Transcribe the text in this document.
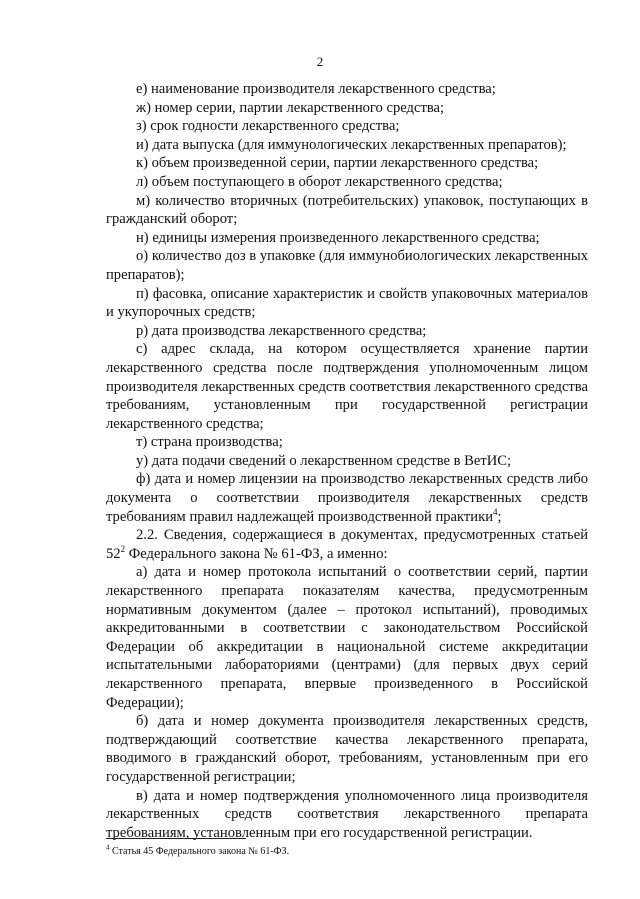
2

е) наименование производителя лекарственного средства;

ж) номер серии, партии лекарственного средства;

з) срок годности лекарственного средства;

и) дата выпуска (для иммунологических лекарственных препаратов);

к) объем произведенной серии, партии лекарственного средства;

л) объем поступающего в оборот лекарственного средства;

м) количество вторичных (потребительских) упаковок, поступающих в гражданский оборот;

н) единицы измерения произведенного лекарственного средства;

о) количество доз в упаковке (для иммунобиологических лекарственных препаратов);

п) фасовка, описание характеристик и свойств упаковочных материалов и укупорочных средств;

р) дата производства лекарственного средства;

с) адрес склада, на котором осуществляется хранение партии лекарственного средства после подтверждения уполномоченным лицом производителя лекарственных средств соответствия лекарственного средства требованиям, установленным при государственной регистрации лекарственного средства;

т) страна производства;

у) дата подачи сведений о лекарственном средстве в ВетИС;

ф) дата и номер лицензии на производство лекарственных средств либо документа о соответствии производителя лекарственных средств требованиям правил надлежащей производственной практики$^4$;

2.2. Сведения, содержащиеся в документах, предусмотренных статьей $52^2$ Федерального закона № 61-ФЗ, а именно:

а) дата и номер протокола испытаний о соответствии серий, партии лекарственного препарата показателям качества, предусмотренным нормативным документом (далее – протокол испытаний), проводимых аккредитованными в соответствии с законодательством Российской Федерации об аккредитации в национальной системе аккредитации испытательными лабораториями (центрами) (для первых двух серий лекарственного препарата, впервые произведенного в Российской Федерации);

б) дата и номер документа производителя лекарственных средств, подтверждающий соответствие качества лекарственного препарата, вводимого в гражданский оборот, требованиям, установленным при его государственной регистрации;

в) дата и номер подтверждения уполномоченного лица производителя лекарственных средств соответствия лекарственного препарата требованиям, установленным при его государственной регистрации.

$^4$ Статья 45 Федерального закона № 61-ФЗ.
